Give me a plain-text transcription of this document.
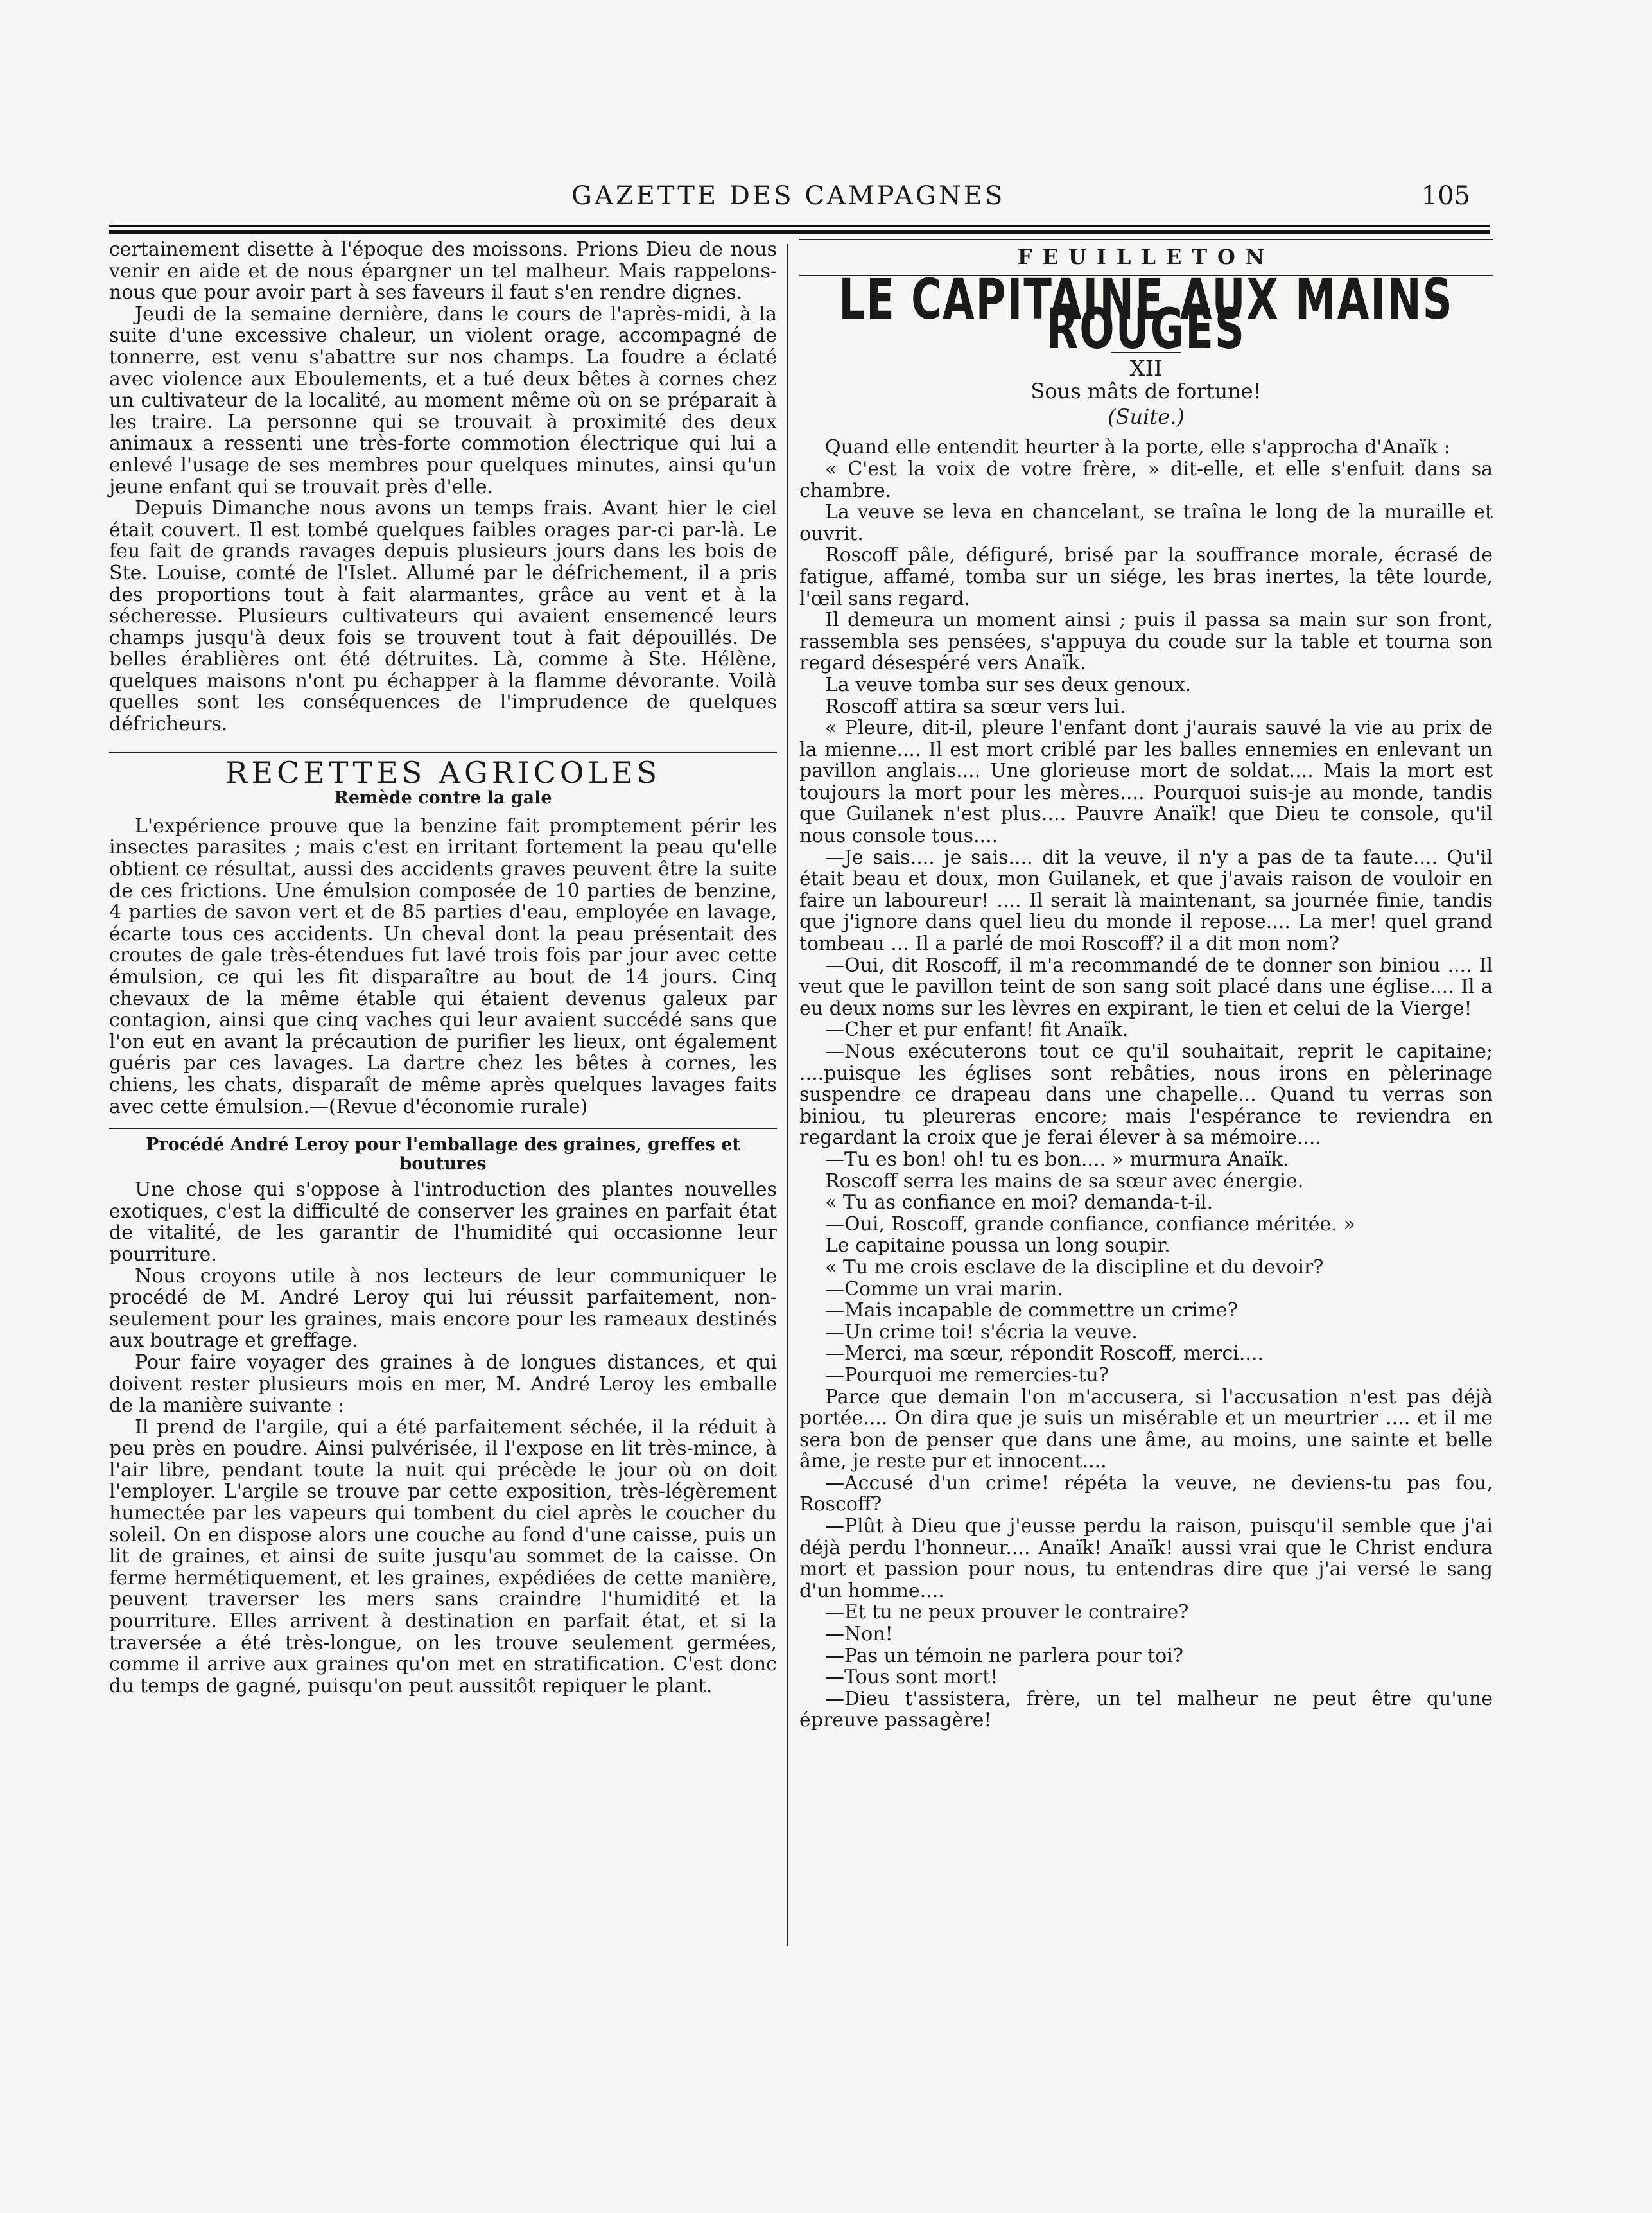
GAZETTE DES CAMPAGNES	105

certainement disette à l'époque des moissons. Prions Dieu de nous venir en aide et de nous épargner un tel malheur. Mais rappelons-nous que pour avoir part à ses faveurs il faut s'en rendre dignes.

Jeudi de la semaine dernière, dans le cours de l'après-midi, à la suite d'une excessive chaleur, un violent orage, accompagné de tonnerre, est venu s'abattre sur nos champs. La foudre a éclaté avec violence aux Eboulements, et a tué deux bêtes à cornes chez un cultivateur de la localité, au moment même où on se préparait à les traire. La personne qui se trouvait à proximité des deux animaux a ressenti une très-forte commotion électrique qui lui a enlevé l'usage de ses membres pour quelques minutes, ainsi qu'un jeune enfant qui se trouvait près d'elle.

Depuis Dimanche nous avons un temps frais. Avant hier le ciel était couvert. Il est tombé quelques faibles orages par-ci par-là. Le feu fait de grands ravages depuis plusieurs jours dans les bois de Ste. Louise, comté de l'Islet. Allumé par le défrichement, il a pris des proportions tout à fait alarmantes, grâce au vent et à la sécheresse. Plusieurs cultivateurs qui avaient ensemencé leurs champs jusqu'à deux fois se trouvent tout à fait dépouillés. De belles érablières ont été détruites. Là, comme à Ste. Hélène, quelques maisons n'ont pu échapper à la flamme dévorante. Voilà quelles sont les conséquences de l'imprudence de quelques défricheurs.

RECETTES AGRICOLES
Remède contre la gale

L'expérience prouve que la benzine fait promptement périr les insectes parasites ; mais c'est en irritant fortement la peau qu'elle obtient ce résultat, aussi des accidents graves peuvent être la suite de ces frictions. Une émulsion composée de 10 parties de benzine, 4 parties de savon vert et de 85 parties d'eau, employée en lavage, écarte tous ces accidents. Un cheval dont la peau présentait des croutes de gale très-étendues fut lavé trois fois par jour avec cette émulsion, ce qui les fit disparaître au bout de 14 jours. Cinq chevaux de la même étable qui étaient devenus galeux par contagion, ainsi que cinq vaches qui leur avaient succédé sans que l'on eut en avant la précaution de purifier les lieux, ont également guéris par ces lavages. La dartre chez les bêtes à cornes, les chiens, les chats, disparaît de même après quelques lavages faits avec cette émulsion.—(Revue d'économie rurale)

Procédé André Leroy pour l'emballage des graines, greffes et boutures

Une chose qui s'oppose à l'introduction des plantes nouvelles exotiques, c'est la difficulté de conserver les graines en parfait état de vitalité, de les garantir de l'humidité qui occasionne leur pourriture.

Nous croyons utile à nos lecteurs de leur communiquer le procédé de M. André Leroy qui lui réussit parfaitement, non-seulement pour les graines, mais encore pour les rameaux destinés aux boutrage et greffage.

Pour faire voyager des graines à de longues distances, et qui doivent rester plusieurs mois en mer, M. André Leroy les emballe de la manière suivante :

Il prend de l'argile, qui a été parfaitement séchée, il la réduit à peu près en poudre. Ainsi pulvérisée, il l'expose en lit très-mince, à l'air libre, pendant toute la nuit qui précède le jour où on doit l'employer. L'argile se trouve par cette exposition, très-légèrement humectée par les vapeurs qui tombent du ciel après le coucher du soleil. On en dispose alors une couche au fond d'une caisse, puis un lit de graines, et ainsi de suite jusqu'au sommet de la caisse. On ferme hermétiquement, et les graines, expédiées de cette manière, peuvent traverser les mers sans craindre l'humidité et la pourriture. Elles arrivent à destination en parfait état, et si la traversée a été très-longue, on les trouve seulement germées, comme il arrive aux graines qu'on met en stratification. C'est donc du temps de gagné, puisqu'on peut aussitôt repiquer le plant.

FEUILLETON
LE CAPITAINE AUX MAINS ROUGES
XII
Sous mâts de fortune!
(Suite.)

Quand elle entendit heurter à la porte, elle s'approcha d'Anaïk :

« C'est la voix de votre frère, » dit-elle, et elle s'enfuit dans sa chambre.

La veuve se leva en chancelant, se traîna le long de la muraille et ouvrit.

Roscoff pâle, défiguré, brisé par la souffrance morale, écrasé de fatigue, affamé, tomba sur un siége, les bras inertes, la tête lourde, l'œil sans regard.

Il demeura un moment ainsi ; puis il passa sa main sur son front, rassembla ses pensées, s'appuya du coude sur la table et tourna son regard désespéré vers Anaïk.

La veuve tomba sur ses deux genoux.

Roscoff attira sa sœur vers lui.

« Pleure, dit-il, pleure l'enfant dont j'aurais sauvé la vie au prix de la mienne.... Il est mort criblé par les balles ennemies en enlevant un pavillon anglais.... Une glorieuse mort de soldat.... Mais la mort est toujours la mort pour les mères.... Pourquoi suis-je au monde, tandis que Guilanek n'est plus.... Pauvre Anaïk! que Dieu te console, qu'il nous console tous....

—Je sais.... je sais.... dit la veuve, il n'y a pas de ta faute.... Qu'il était beau et doux, mon Guilanek, et que j'avais raison de vouloir en faire un laboureur! .... Il serait là maintenant, sa journée finie, tandis que j'ignore dans quel lieu du monde il repose.... La mer! quel grand tombeau ... Il a parlé de moi Roscoff? il a dit mon nom?

—Oui, dit Roscoff, il m'a recommandé de te donner son biniou .... Il veut que le pavillon teint de son sang soit placé dans une église.... Il a eu deux noms sur les lèvres en expirant, le tien et celui de la Vierge!

—Cher et pur enfant! fit Anaïk.

—Nous exécuterons tout ce qu'il souhaitait, reprit le capitaine; ....puisque les églises sont rebâties, nous irons en pèlerinage suspendre ce drapeau dans une chapelle... Quand tu verras son biniou, tu pleureras encore; mais l'espérance te reviendra en regardant la croix que je ferai élever à sa mémoire....

—Tu es bon! oh! tu es bon.... » murmura Anaïk.

Roscoff serra les mains de sa sœur avec énergie.

« Tu as confiance en moi? demanda-t-il.

—Oui, Roscoff, grande confiance, confiance méritée. »

Le capitaine poussa un long soupir.

« Tu me crois esclave de la discipline et du devoir?

—Comme un vrai marin.

—Mais incapable de commettre un crime?

—Un crime toi! s'écria la veuve.

—Merci, ma sœur, répondit Roscoff, merci....

—Pourquoi me remercies-tu?

Parce que demain l'on m'accusera, si l'accusation n'est pas déjà portée.... On dira que je suis un misérable et un meurtrier .... et il me sera bon de penser que dans une âme, au moins, une sainte et belle âme, je reste pur et innocent....

—Accusé d'un crime! répéta la veuve, ne deviens-tu pas fou, Roscoff?

—Plût à Dieu que j'eusse perdu la raison, puisqu'il semble que j'ai déjà perdu l'honneur.... Anaïk! Anaïk! aussi vrai que le Christ endura mort et passion pour nous, tu entendras dire que j'ai versé le sang d'un homme....

—Et tu ne peux prouver le contraire?

—Non!

—Pas un témoin ne parlera pour toi?

—Tous sont mort!

—Dieu t'assistera, frère, un tel malheur ne peut être qu'une épreuve passagère!
